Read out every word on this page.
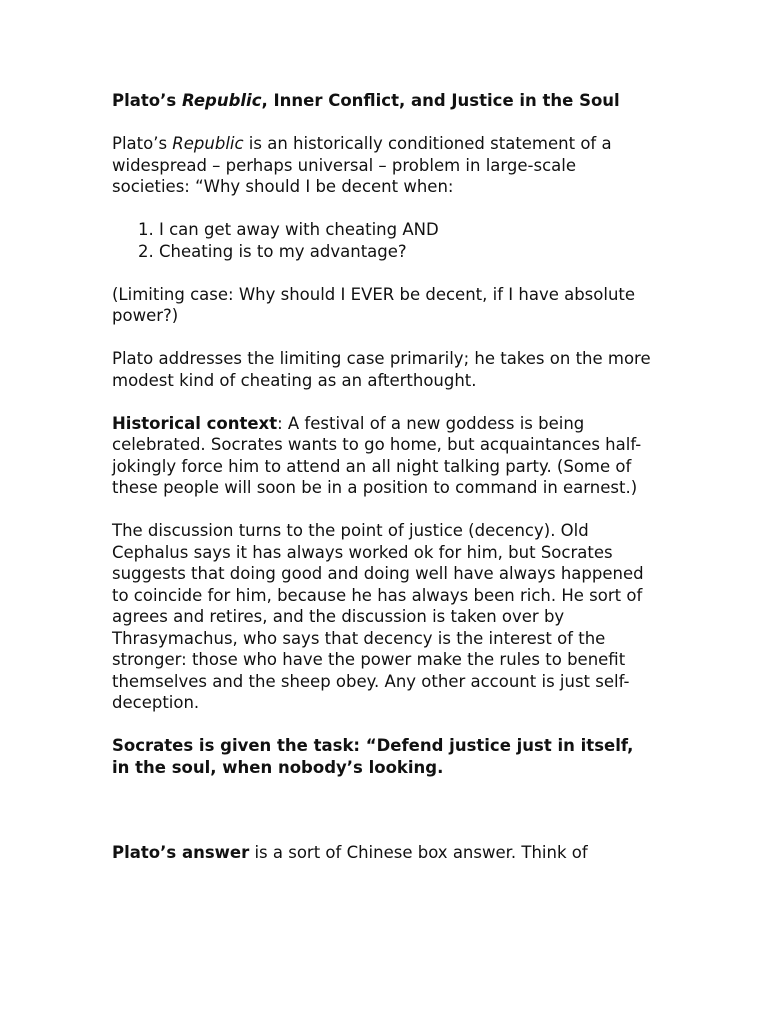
Plato’s Republic, Inner Conflict, and Justice in the Soul

Plato’s Republic is an historically conditioned statement of a widespread – perhaps universal – problem in large-scale societies: “Why should I be decent when:

1. I can get away with cheating AND
2. Cheating is to my advantage?

(Limiting case: Why should I EVER be decent, if I have absolute power?)

Plato addresses the limiting case primarily; he takes on the more modest kind of cheating as an afterthought.

Historical context: A festival of a new goddess is being celebrated. Socrates wants to go home, but acquaintances half-jokingly force him to attend an all night talking party. (Some of these people will soon be in a position to command in earnest.)

The discussion turns to the point of justice (decency). Old Cephalus says it has always worked ok for him, but Socrates suggests that doing good and doing well have always happened to coincide for him, because he has always been rich. He sort of agrees and retires, and the discussion is taken over by Thrasymachus, who says that decency is the interest of the stronger: those who have the power make the rules to benefit themselves and the sheep obey. Any other account is just self-deception.

Socrates is given the task: “Defend justice just in itself, in the soul, when nobody’s looking.

Plato’s answer is a sort of Chinese box answer. Think of
